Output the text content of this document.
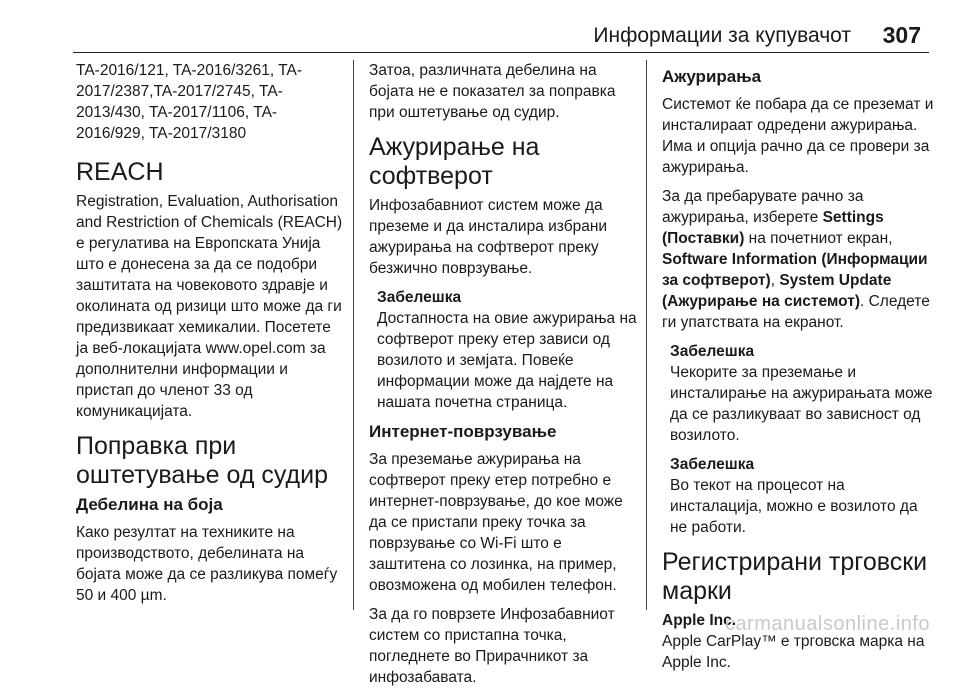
Информации за купувачот 307

TA-2016/121, TA-2016/3261, TA-2017/2387,TA-2017/2745, TA-2013/430, TA-2017/1106, TA-2016/929, TA-2017/3180

REACH

Registration, Evaluation, Authorisation and Restriction of Chemicals (REACH) е регулатива на Европската Унија што е донесена за да се подобри заштитата на човековото здравје и околината од ризици што може да ги предизвикаат хемикалии. Посетете ја веб-локацијата www.opel.com за дополнителни информации и пристап до членот 33 од комуникацијата.

Поправка при оштетување од судир
Дебелина на боја

Како резултат на техниките на производството, дебелината на бојата може да се разликува помеѓу 50 и 400 µm.

Затоа, различната дебелина на бојата не е показател за поправка при оштетување од судир.

Ажурирање на софтверот

Инфозабавниот систем може да преземе и да инсталира избрани ажурирања на софтверот преку безжично поврзување.

Забелешка
Достапноста на овие ажурирања на софтверот преку етер зависи од возилото и земјата. Повеќе информации може да најдете на нашата почетна страница.
Интернет-поврзување

За преземање ажурирања на софтверот преку етер потребно е интернет-поврзување, до кое може да се пристапи преку точка за поврзување со Wi-Fi што е заштитена со лозинка, на пример, овозможена од мобилен телефон.

За да го поврзете Инфозабавниот систем со пристапна точка, погледнете во Прирачникот за инфозабавата.

Ажурирања

Системот ќе побара да се преземат и инсталираат одредени ажурирања. Има и опција рачно да се провери за ажурирања.

За да пребарувате рачно за ажурирања, изберете Settings (Поставки) на почетниот екран, Software Information (Информации за софтверот), System Update (Ажурирање на системот). Следете ги упатствата на екранот.

Забелешка
Чекорите за преземање и инсталирање на ажурирањата може да се разликуваат во зависност од возилото.
Забелешка
Во текот на процесот на инсталација, можно е возилото да не работи.
Регистрирани трговски марки

Apple Inc.

Apple CarPlay™ е трговска марка на Apple Inc.

carmanualsonline.info
